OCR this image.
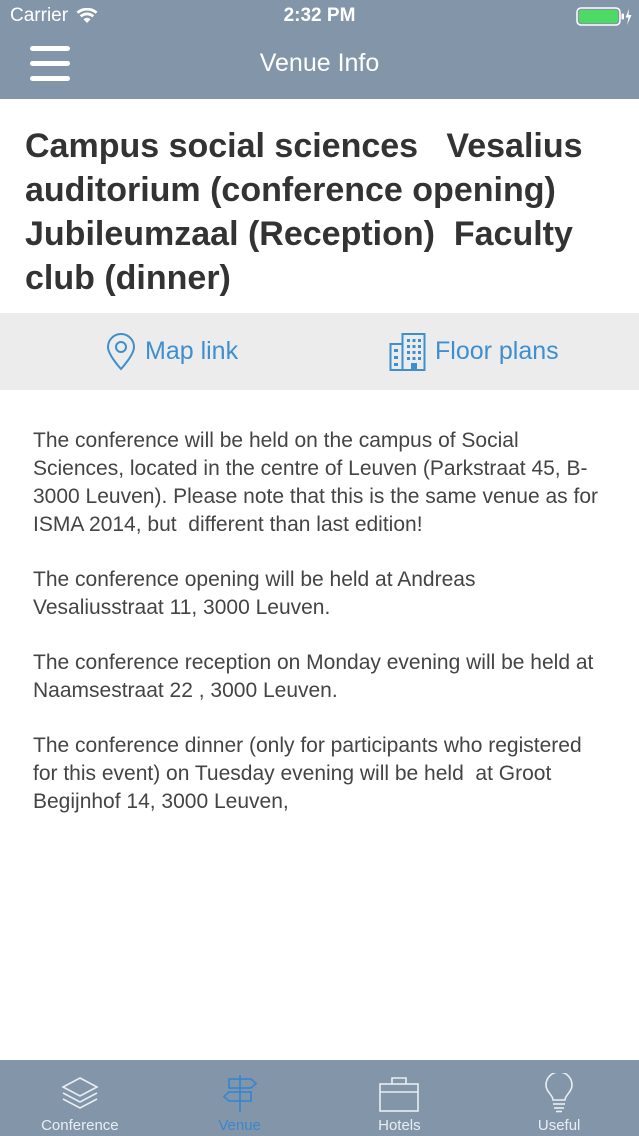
Carrier	2:32 PM
Venue Info
Campus social sciences   Vesalius auditorium (conference opening) Jubileumzaal (Reception)  Faculty club (dinner)
Map link	Floor plans

The conference will be held on the campus of Social Sciences, located in the centre of Leuven (Parkstraat 45, B-3000 Leuven). Please note that this is the same venue as for ISMA 2014, but  different than last edition!

The conference opening will be held at Andreas Vesaliusstraat 11, 3000 Leuven.

The conference reception on Monday evening will be held at Naamsestraat 22 , 3000 Leuven.

The conference dinner (only for participants who registered for this event) on Tuesday evening will be held  at Groot Begijnhof 14, 3000 Leuven,

Conference	Venue	Hotels	Useful
